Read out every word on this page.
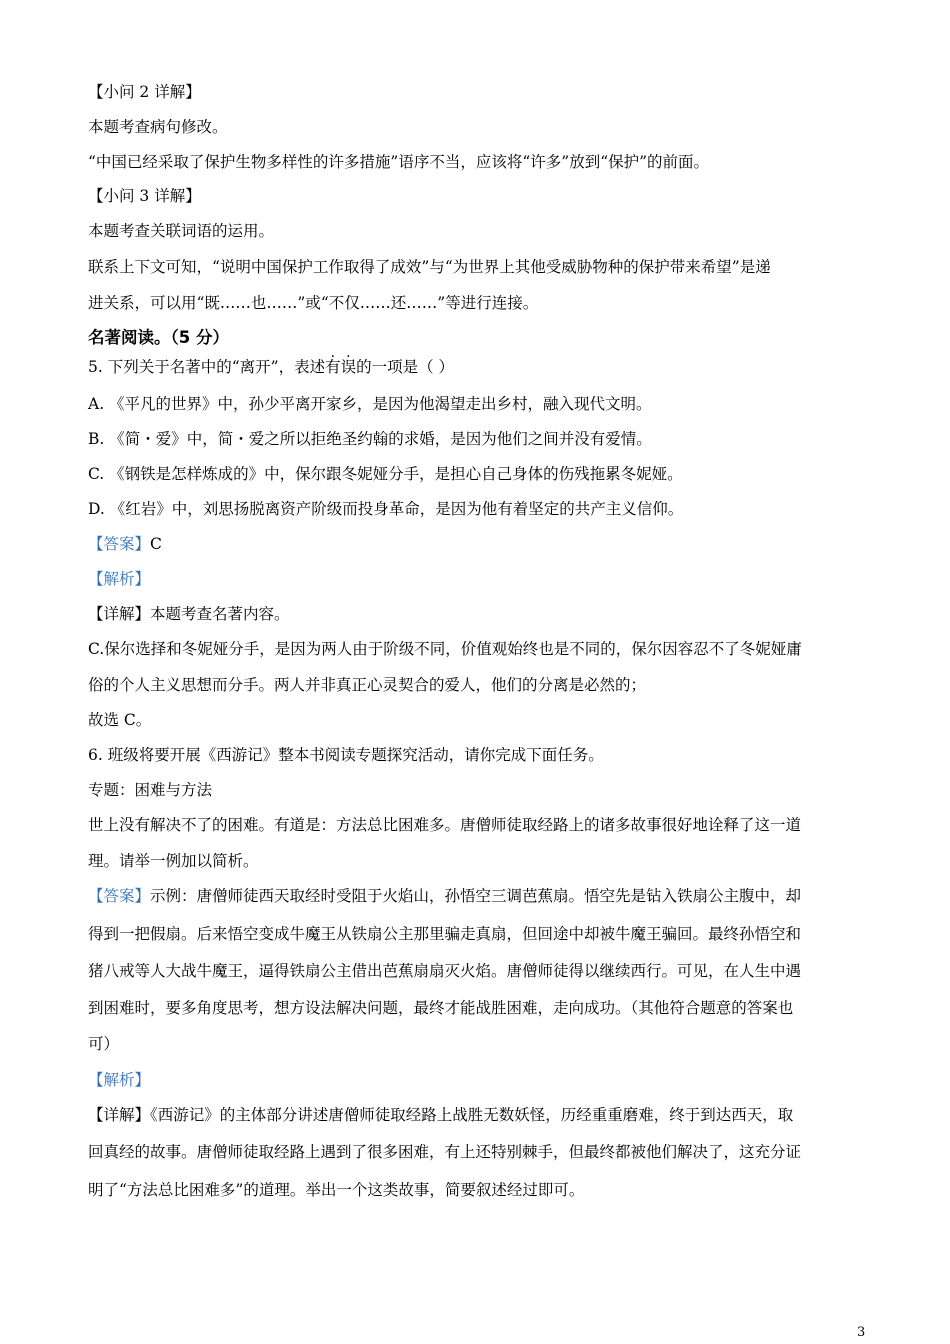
【小问 2 详解】
本题考查病句修改。
“中国已经采取了保护生物多样性的许多措施”语序不当，应该将“许多”放到“保护”的前面。
【小问 3 详解】
本题考查关联词语的运用。
联系上下文可知，“说明中国保护工作取得了成效”与“为世界上其他受威胁物种的保护带来希望”是递
进关系，可以用“既……也……”或“不仅……还……”等进行连接。
名著阅读。（5 分）
5. 下列关于名著中的“离开”，表述有误的一项是（ ）
A. 《平凡的世界》中，孙少平离开家乡，是因为他渴望走出乡村，融入现代文明。
B. 《简・爱》中，简・爱之所以拒绝圣约翰的求婚，是因为他们之间并没有爱情。
C. 《钢铁是怎样炼成的》中，保尔跟冬妮娅分手，是担心自己身体的伤残拖累冬妮娅。
D. 《红岩》中，刘思扬脱离资产阶级而投身革命，是因为他有着坚定的共产主义信仰。
【答案】C
【解析】
【详解】本题考查名著内容。
C.保尔选择和冬妮娅分手，是因为两人由于阶级不同，价值观始终也是不同的，保尔因容忍不了冬妮娅庸
俗的个人主义思想而分手。两人并非真正心灵契合的爱人，他们的分离是必然的；
故选 C。
6. 班级将要开展《西游记》整本书阅读专题探究活动，请你完成下面任务。
专题：困难与方法
世上没有解决不了的困难。有道是：方法总比困难多。唐僧师徒取经路上的诸多故事很好地诠释了这一道
理。请举一例加以简析。
【答案】示例：唐僧师徒西天取经时受阻于火焰山，孙悟空三调芭蕉扇。悟空先是钻入铁扇公主腹中，却
得到一把假扇。后来悟空变成牛魔王从铁扇公主那里骗走真扇，但回途中却被牛魔王骗回。最终孙悟空和
猪八戒等人大战牛魔王，逼得铁扇公主借出芭蕉扇扇灭火焰。唐僧师徒得以继续西行。可见，在人生中遇
到困难时，要多角度思考，想方设法解决问题，最终才能战胜困难，走向成功。（其他符合题意的答案也
可）
【解析】
【详解】《西游记》的主体部分讲述唐僧师徒取经路上战胜无数妖怪，历经重重磨难，终于到达西天，取
回真经的故事。唐僧师徒取经路上遇到了很多困难，有上还特别棘手，但最终都被他们解决了，这充分证
明了“方法总比困难多”的道理。举出一个这类故事，简要叙述经过即可。
3
